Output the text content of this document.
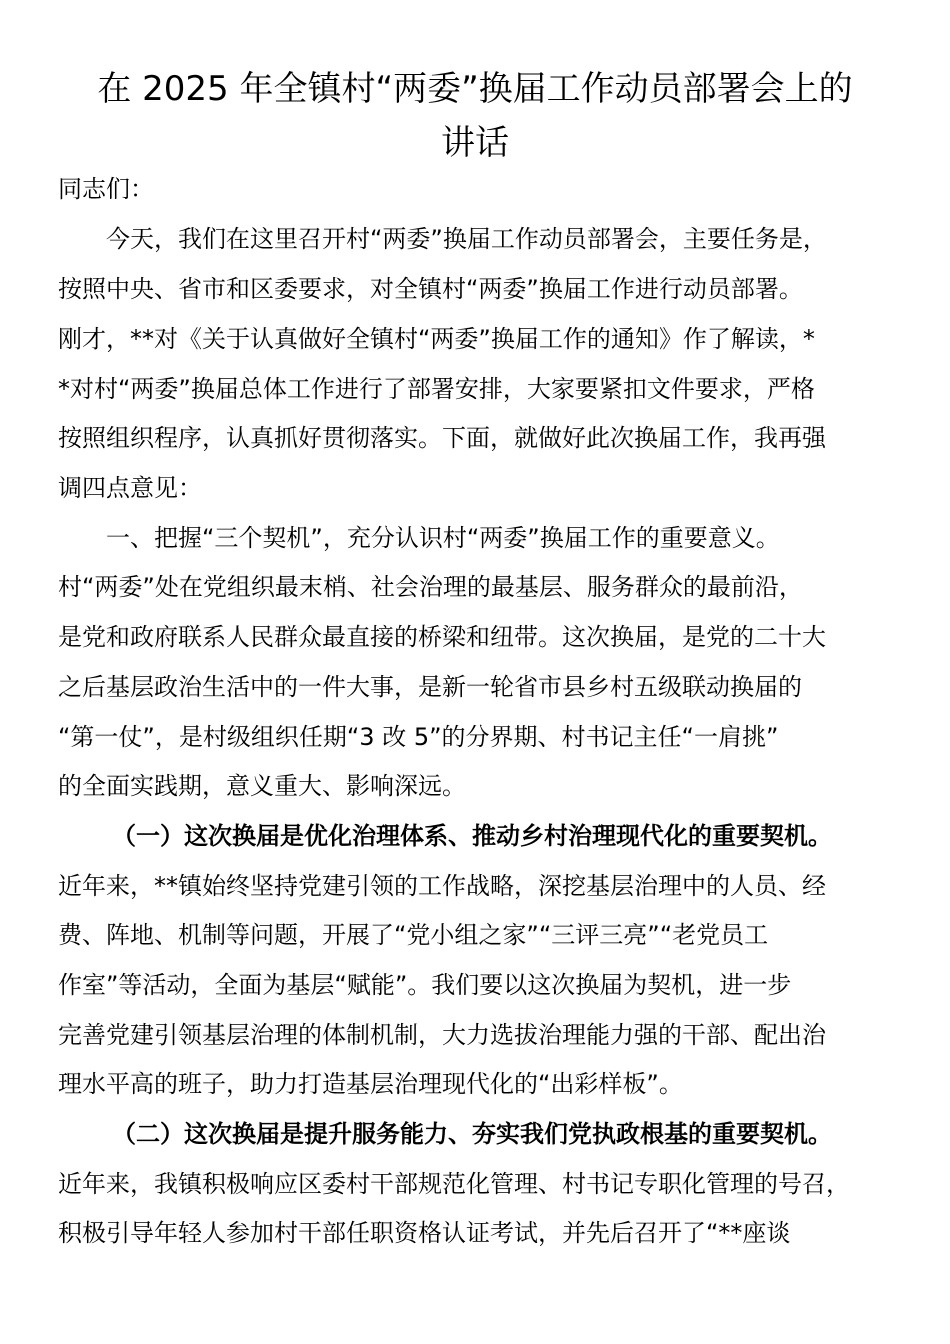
在 2025 年全镇村“两委”换届工作动员部署会上的
讲话
同志们：
今天，我们在这里召开村“两委”换届工作动员部署会，主要任务是，
按照中央、省市和区委要求，对全镇村“两委”换届工作进行动员部署。
刚才，**对《关于认真做好全镇村“两委”换届工作的通知》作了解读，*
*对村“两委”换届总体工作进行了部署安排，大家要紧扣文件要求，严格
按照组织程序，认真抓好贯彻落实。下面，就做好此次换届工作，我再强
调四点意见：
一、把握“三个契机”，充分认识村“两委”换届工作的重要意义。
村“两委”处在党组织最末梢、社会治理的最基层、服务群众的最前沿，
是党和政府联系人民群众最直接的桥梁和纽带。这次换届，是党的二十大
之后基层政治生活中的一件大事，是新一轮省市县乡村五级联动换届的
“第一仗”，是村级组织任期“3 改 5”的分界期、村书记主任“一肩挑”
的全面实践期，意义重大、影响深远。
（一）这次换届是优化治理体系、推动乡村治理现代化的重要契机。
近年来，**镇始终坚持党建引领的工作战略，深挖基层治理中的人员、经
费、阵地、机制等问题，开展了“党小组之家”“三评三亮”“老党员工
作室”等活动，全面为基层“赋能”。我们要以这次换届为契机，进一步
完善党建引领基层治理的体制机制，大力选拔治理能力强的干部、配出治
理水平高的班子，助力打造基层治理现代化的“出彩样板”。
（二）这次换届是提升服务能力、夯实我们党执政根基的重要契机。
近年来，我镇积极响应区委村干部规范化管理、村书记专职化管理的号召，
积极引导年轻人参加村干部任职资格认证考试，并先后召开了“**座谈
